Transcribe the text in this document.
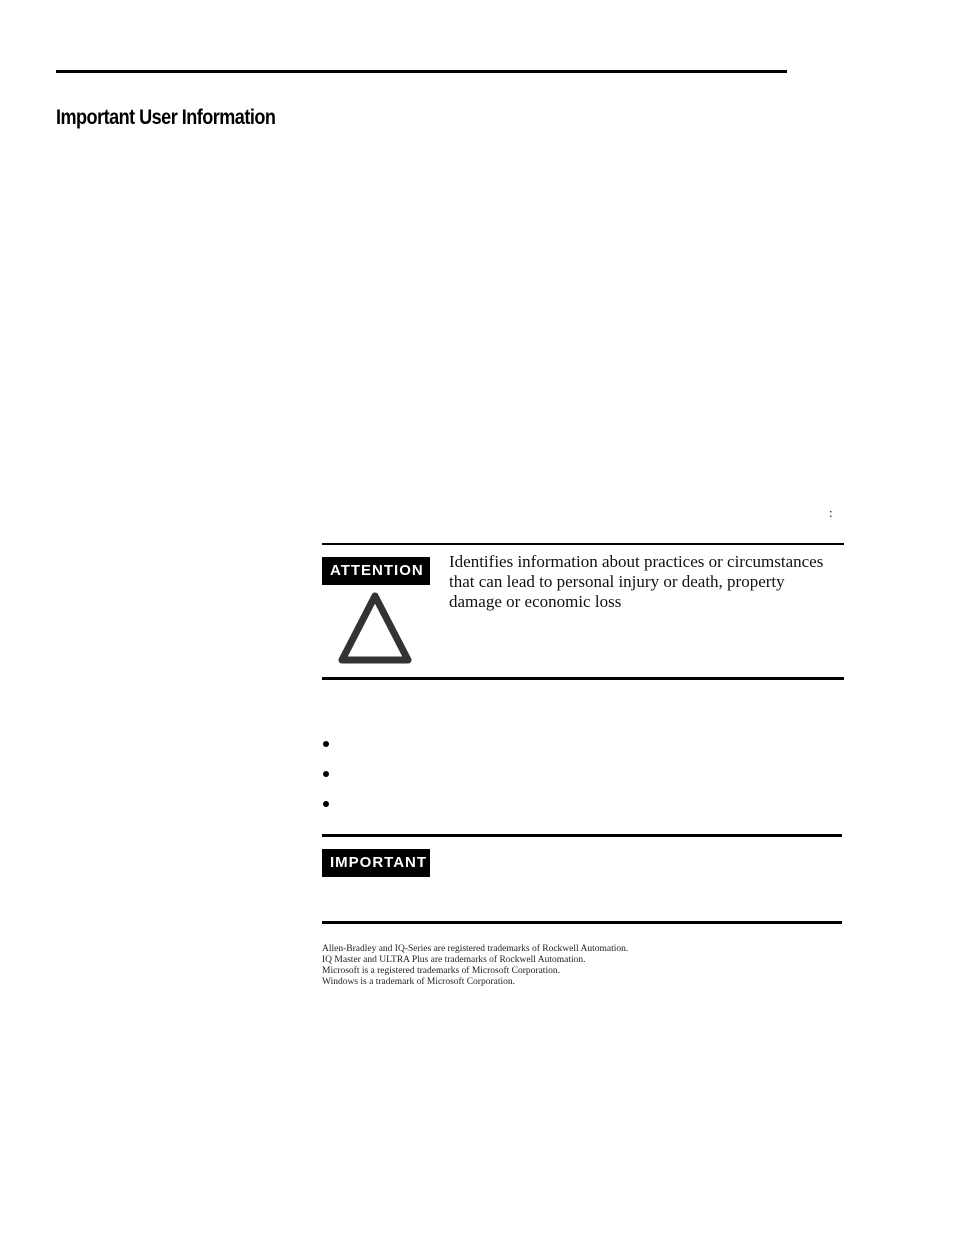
Important User Information
:
ATTENTION	Identifies information about practices or circumstances that can lead to personal injury or death, property damage or economic loss
IMPORTANT
Allen-Bradley and IQ-Series are registered trademarks of Rockwell Automation.
IQ Master and ULTRA Plus are trademarks of Rockwell Automation.
Microsoft is a registered trademarks of Microsoft Corporation.
Windows is a trademark of Microsoft Corporation.
